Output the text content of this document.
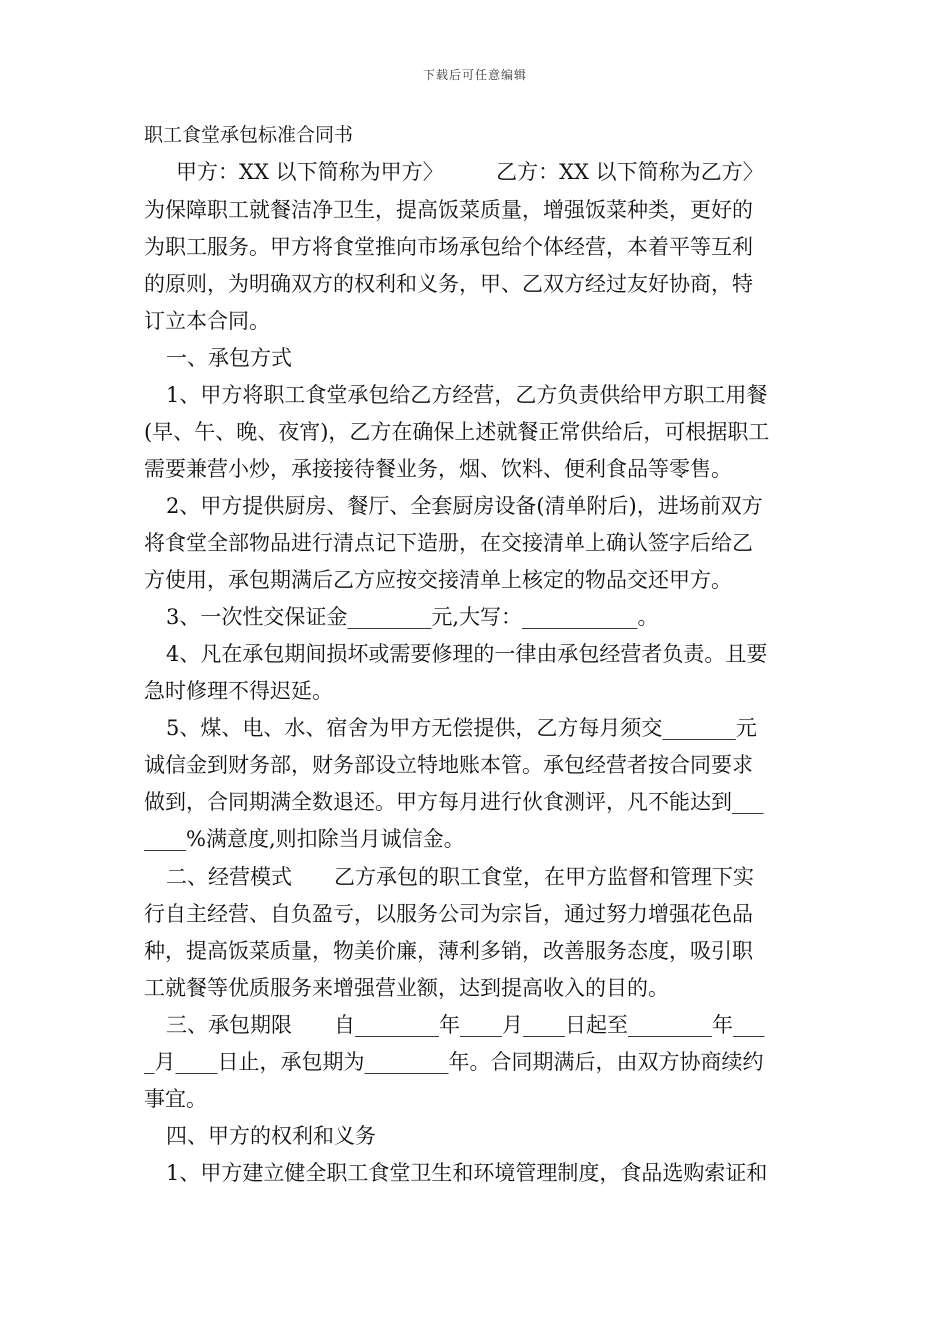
下载后可任意编辑
职工食堂承包标准合同书
甲方：XX 以下简称为甲方〉　　　乙方：XX 以下简称为乙方〉
为保障职工就餐洁净卫生，提高饭菜质量，增强饭菜种类，更好的
为职工服务。甲方将食堂推向市场承包给个体经营，本着平等互利
的原则，为明确双方的权利和义务，甲、乙双方经过友好协商，特
订立本合同。
一、承包方式
1、甲方将职工食堂承包给乙方经营，乙方负责供给甲方职工用餐
(早、午、晚、夜宵)，乙方在确保上述就餐正常供给后，可根据职工
需要兼营小炒，承接接待餐业务，烟、饮料、便利食品等零售。
2、甲方提供厨房、餐厅、全套厨房设备(清单附后)，进场前双方
将食堂全部物品进行清点记下造册，在交接清单上确认签字后给乙
方使用，承包期满后乙方应按交接清单上核定的物品交还甲方。
3、一次性交保证金________元,大写：___________。
4、凡在承包期间损坏或需要修理的一律由承包经营者负责。且要
急时修理不得迟延。
5、煤、电、水、宿舍为甲方无偿提供，乙方每月须交_______元
诚信金到财务部，财务部设立特地账本管。承包经营者按合同要求
做到，合同期满全数退还。甲方每月进行伙食测评，凡不能达到___
____%满意度,则扣除当月诚信金。
二、经营模式　　乙方承包的职工食堂，在甲方监督和管理下实
行自主经营、自负盈亏，以服务公司为宗旨，通过努力增强花色品
种，提高饭菜质量，物美价廉，薄利多销，改善服务态度，吸引职
工就餐等优质服务来增强营业额，达到提高收入的目的。
三、承包期限　　自________年____月____日起至________年___
_月____日止，承包期为________年。合同期满后，由双方协商续约
事宜。
四、甲方的权利和义务
1、甲方建立健全职工食堂卫生和环境管理制度，食品选购索证和
